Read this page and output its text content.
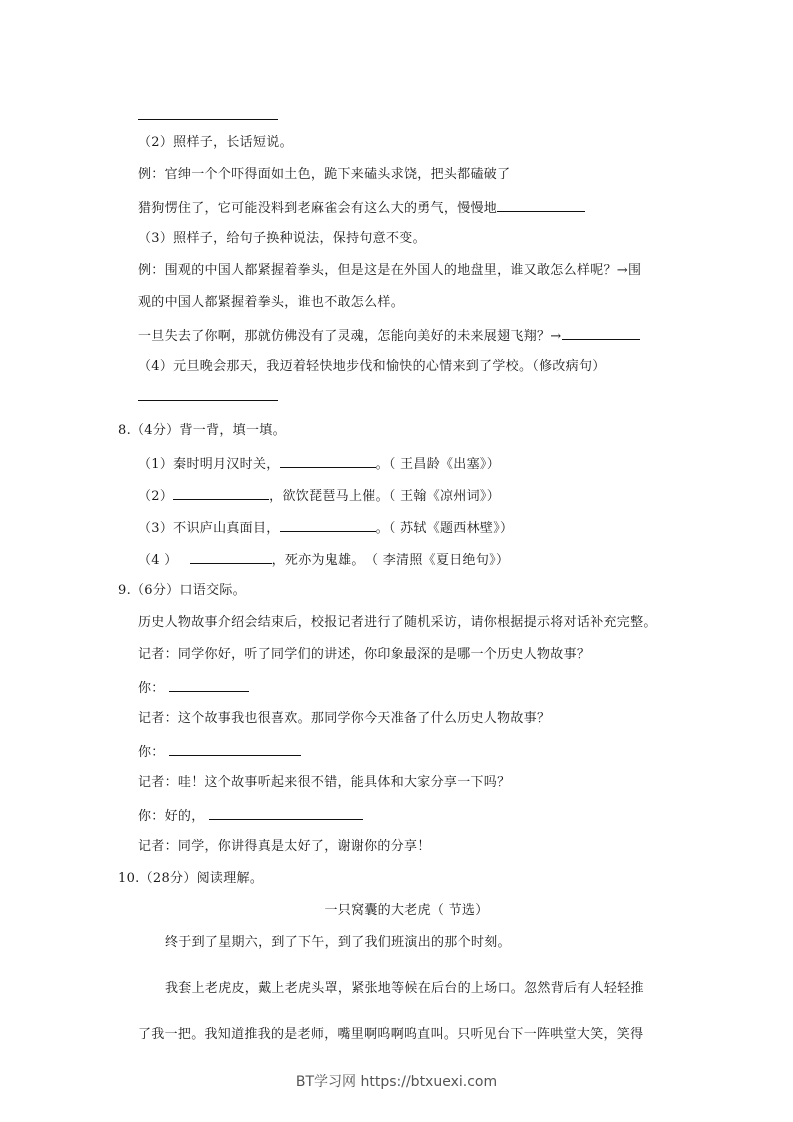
（2）照样子，长话短说。
例：官绅一个个吓得面如土色，跪下来磕头求饶，把头都磕破了
猎狗愣住了，它可能没料到老麻雀会有这么大的勇气，慢慢地
（3）照样子，给句子换种说法，保持句意不变。
例：围观的中国人都紧握着拳头，但是这是在外国人的地盘里，谁又敢怎么样呢？→围
观的中国人都紧握着拳头，谁也不敢怎么样。
一旦失去了你啊，那就仿佛没有了灵魂，怎能向美好的未来展翅飞翔？→
（4）元旦晚会那天，我迈着轻快地步伐和愉快的心情来到了学校。（修改病句）
8.（4分）背一背，填一填。
（1）秦时明月汉时关，	。（ 王昌龄《出塞》）
（2）	，欲饮琵琶马上催。（ 王翰《凉州词》）
（3）不识庐山真面目，	。（ 苏轼《题西林壁》）
（4 ）	，死亦为鬼雄。　（ 李清照《夏日绝句》）
9.（6分）口语交际。
历史人物故事介绍会结束后，校报记者进行了随机采访，请你根据提示将对话补充完整。
记者：同学你好，听了同学们的讲述，你印象最深的是哪一个历史人物故事？
你：
记者：这个故事我也很喜欢。那同学你今天准备了什么历史人物故事？
你：
记者：哇！这个故事听起来很不错，能具体和大家分享一下吗？
你：好的，
记者：同学，你讲得真是太好了，谢谢你的分享！
10.（28分）阅读理解。
一只窝囊的大老虎（ 节选）
终于到了星期六，到了下午，到了我们班演出的那个时刻。
我套上老虎皮，戴上老虎头罩，紧张地等候在后台的上场口。忽然背后有人轻轻推
了我一把。我知道推我的是老师，嘴里啊呜啊呜直叫。只听见台下一阵哄堂大笑，笑得
BT学习网 https://btxuexi.com
